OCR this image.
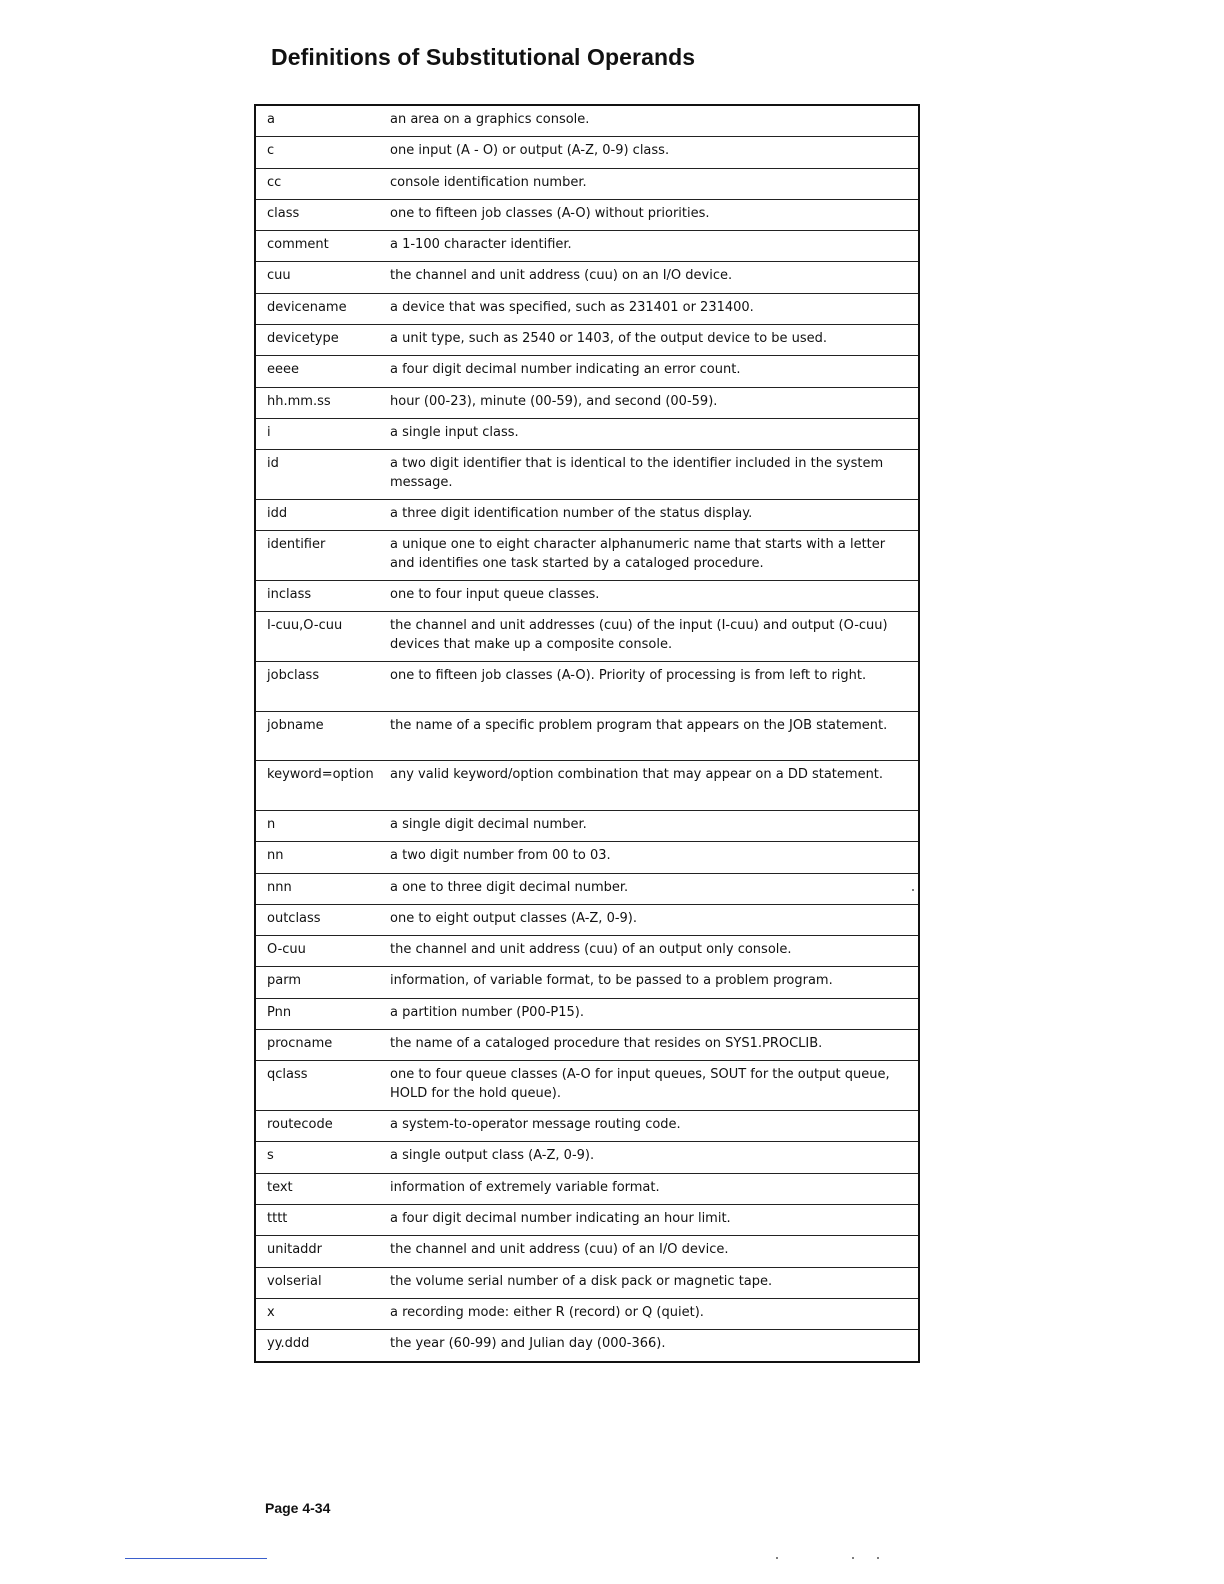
Definitions of Substitutional Operands
a	an area on a graphics console.
c	one input (A - O) or output (A-Z, 0-9) class.
cc	console identification number.
class	one to fifteen job classes (A-O) without priorities.
comment	a 1-100 character identifier.
cuu	the channel and unit address (cuu) on an I/O device.
devicename	a device that was specified, such as 231401 or 231400.
devicetype	a unit type, such as 2540 or 1403, of the output device to be used.
eeee	a four digit decimal number indicating an error count.
hh.mm.ss	hour (00-23), minute (00-59), and second (00-59).
i	a single input class.
id	a two digit identifier that is identical to the identifier included in the system message.
idd	a three digit identification number of the status display.
identifier	a unique one to eight character alphanumeric name that starts with a letter and identifies one task started by a cataloged procedure.
inclass	one to four input queue classes.
I-cuu,O-cuu	the channel and unit addresses (cuu) of the input (I-cuu) and output (O-cuu) devices that make up a composite console.
jobclass	one to fifteen job classes (A-O). Priority of processing is from left to right.
jobname	the name of a specific problem program that appears on the JOB statement.
keyword=option	any valid keyword/option combination that may appear on a DD statement.
n	a single digit decimal number.
nn	a two digit number from 00 to 03.
nnn	a one to three digit decimal number.
outclass	one to eight output classes (A-Z, 0-9).
O-cuu	the channel and unit address (cuu) of an output only console.
parm	information, of variable format, to be passed to a problem program.
Pnn	a partition number (P00-P15).
procname	the name of a cataloged procedure that resides on SYS1.PROCLIB.
qclass	one to four queue classes (A-O for input queues, SOUT for the output queue, HOLD for the hold queue).
routecode	a system-to-operator message routing code.
s	a single output class (A-Z, 0-9).
text	information of extremely variable format.
tttt	a four digit decimal number indicating an hour limit.
unitaddr	the channel and unit address (cuu) of an I/O device.
volserial	the volume serial number of a disk pack or magnetic tape.
x	a recording mode: either R (record) or Q (quiet).
yy.ddd	the year (60-99) and Julian day (000-366).
Page 4-34
